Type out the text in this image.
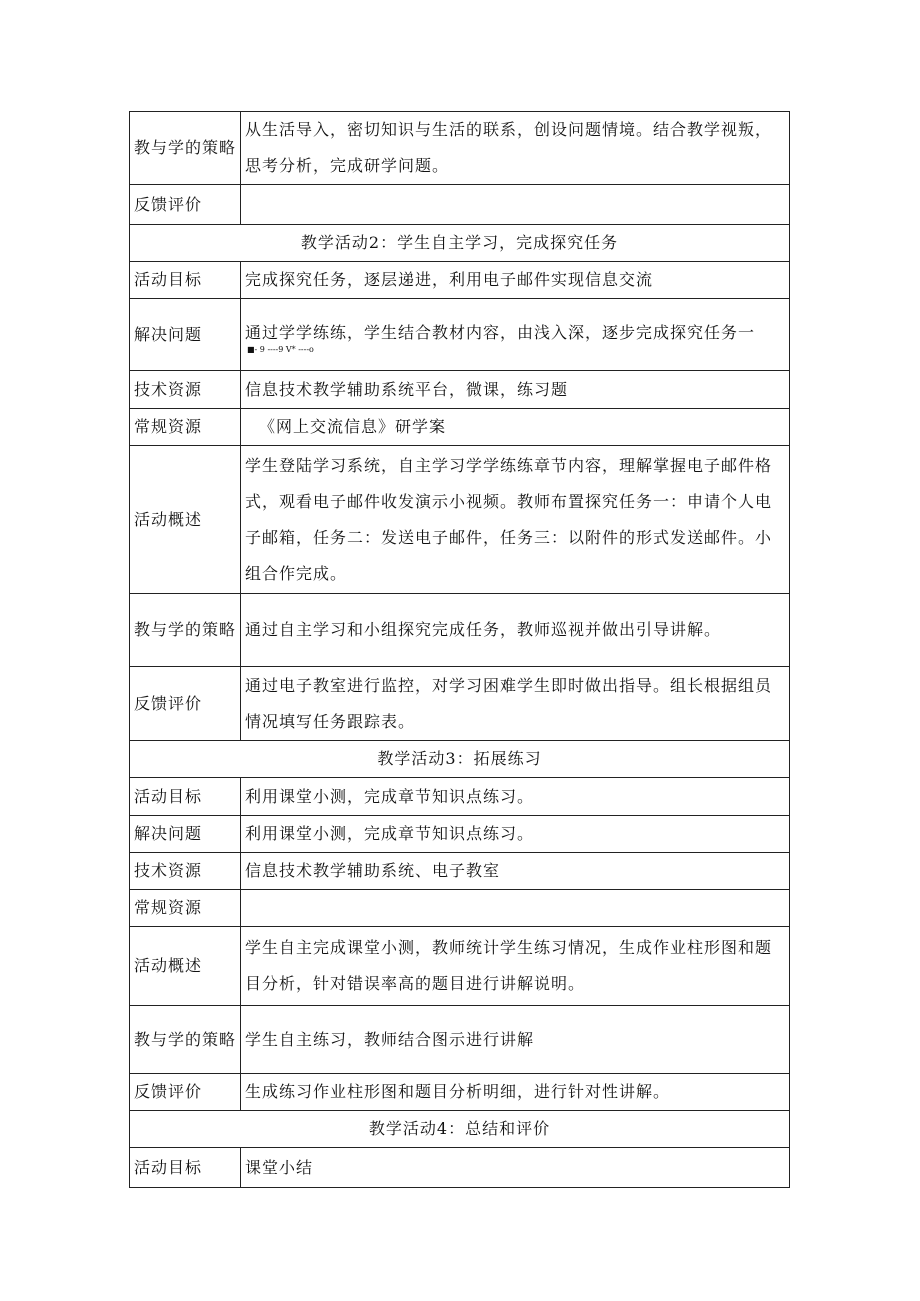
教与学的策略	从生活导入，密切知识与生活的联系，创设问题情境。结合教学视叛，思考分析，完成研学问题。
反馈评价	
教学活动2：学生自主学习，完成探究任务	
活动目标	完成探究任务，逐层递进，利用电子邮件实现信息交流
解决问题	通过学学练练，学生结合教材内容，由浅入深，逐步完成探究任务一
■- 9 ----9 V* ----o

技术资源	信息技术教学辅助系统平台，微课，练习题
常规资源	《网上交流信息》研学案
活动概述	学生登陆学习系统，自主学习学学练练章节内容，理解掌握电子邮件格式，观看电子邮件收发演示小视频。教师布置探究任务一：申请个人电子邮箱，任务二：发送电子邮件，任务三：以附件的形式发送邮件。小组合作完成。
教与学的策略	通过自主学习和小组探究完成任务，教师巡视并做出引导讲解。
反馈评价	通过电子教室进行监控，对学习困难学生即时做出指导。组长根据组员情况填写任务跟踪表。
教学活动3：拓展练习	
活动目标	利用课堂小测，完成章节知识点练习。
解决问题	利用课堂小测，完成章节知识点练习。
技术资源	信息技术教学辅助系统、电子教室
常规资源	
活动概述	学生自主完成课堂小测，教师统计学生练习情况，生成作业柱形图和题目分析，针对错误率高的题目进行讲解说明。
教与学的策略	学生自主练习，教师结合图示进行讲解
反馈评价	生成练习作业柱形图和题目分析明细，进行针对性讲解。
教学活动4：总结和评价	
活动目标	课堂小结
